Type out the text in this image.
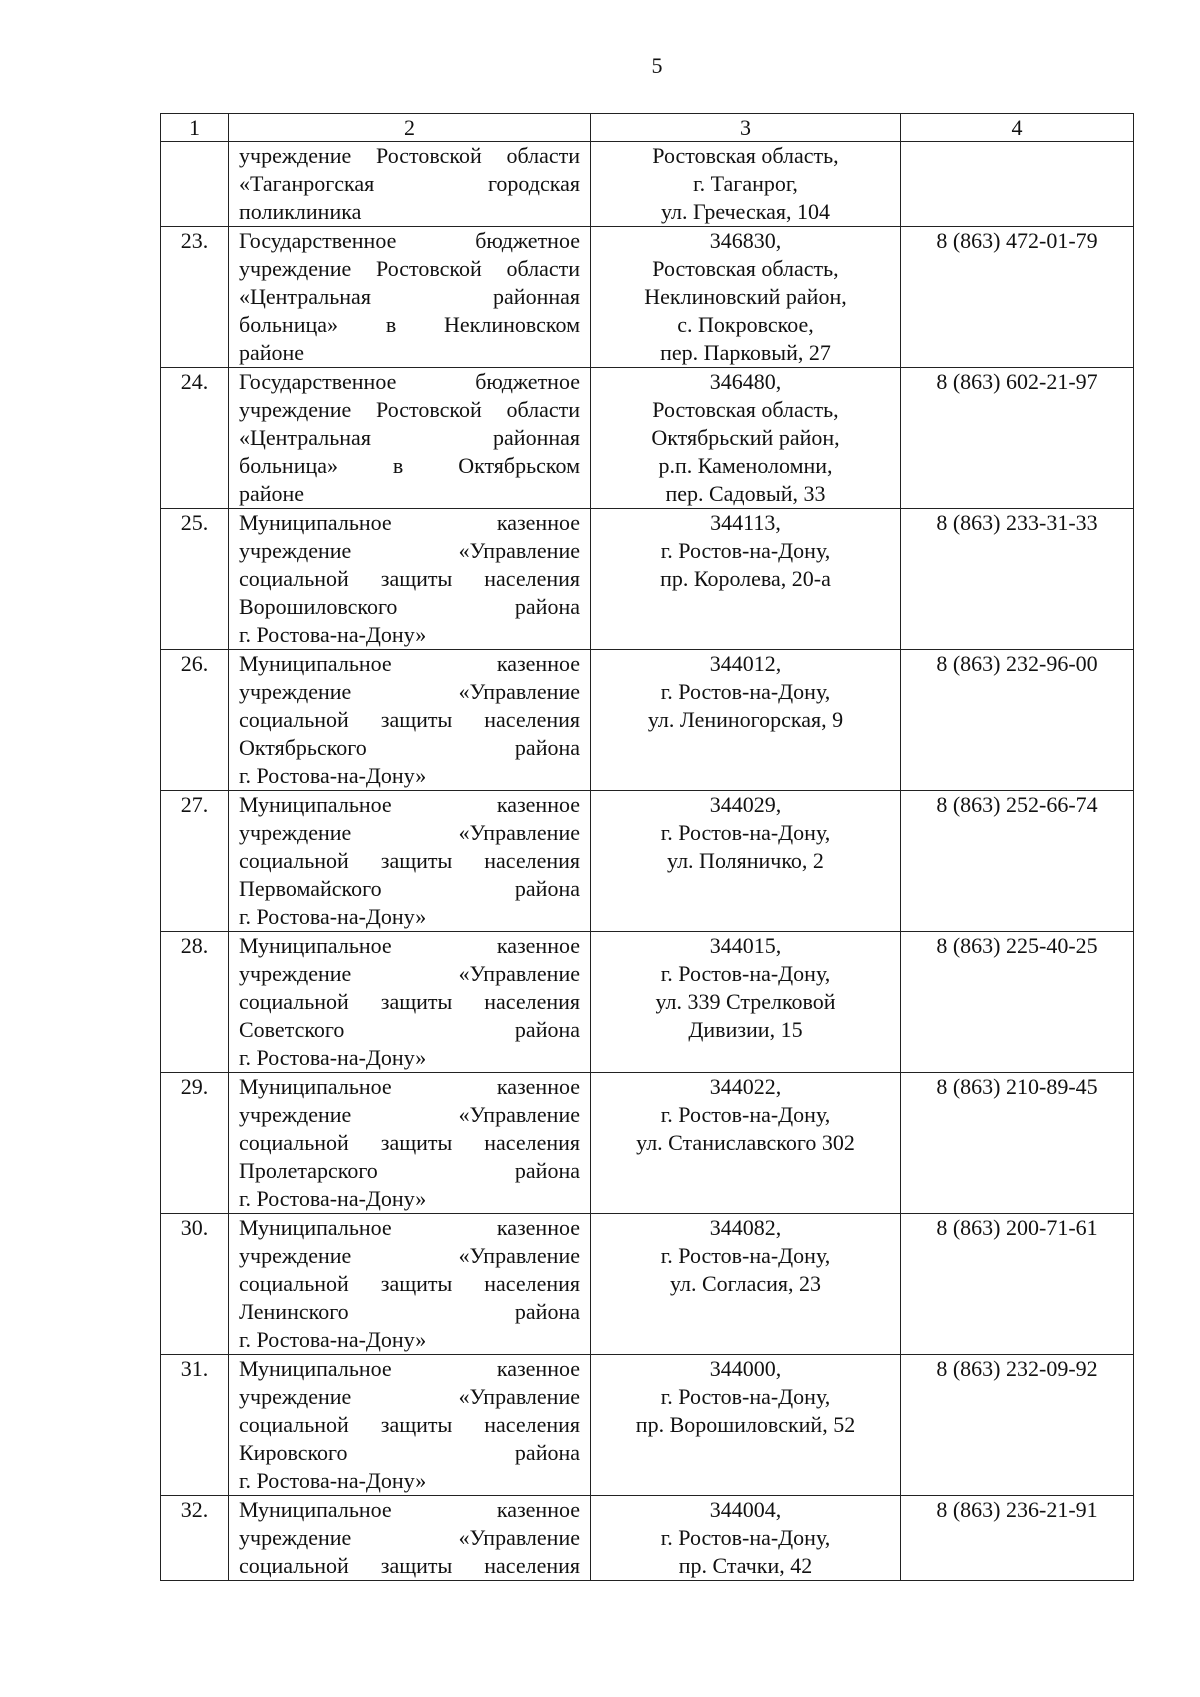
5
1	2	3	4

	учреждение Ростовской области
«Таганрогская городская
поликлиника	Ростовская область,
г. Таганрог,
ул. Греческая, 104	

23.	Государственное бюджетное
учреждение Ростовской области
«Центральная районная
больница» в Неклиновском
районе	346830,
Ростовская область,
Неклиновский район,
с. Покровское,
пер. Парковый, 27	8 (863) 472-01-79
24.	Государственное бюджетное
учреждение Ростовской области
«Центральная районная
больница» в Октябрьском
районе	346480,
Ростовская область,
Октябрьский район,
р.п. Каменоломни,
пер. Садовый, 33	8 (863) 602-21-97
25.	Муниципальное казенное
учреждение «Управление
социальной защиты населения
Ворошиловского района
г. Ростова-на-Дону»	344113,
г. Ростов-на-Дону,
пр. Королева, 20-а	8 (863) 233-31-33
26.	Муниципальное казенное
учреждение «Управление
социальной защиты населения
Октябрьского района
г. Ростова-на-Дону»	344012,
г. Ростов-на-Дону,
ул. Лениногорская, 9	8 (863) 232-96-00
27.	Муниципальное казенное
учреждение «Управление
социальной защиты населения
Первомайского района
г. Ростова-на-Дону»	344029,
г. Ростов-на-Дону,
ул. Поляничко, 2	8 (863) 252-66-74
28.	Муниципальное казенное
учреждение «Управление
социальной защиты населения
Советского района
г. Ростова-на-Дону»	344015,
г. Ростов-на-Дону,
ул. 339 Стрелковой
Дивизии, 15	8 (863) 225-40-25
29.	Муниципальное казенное
учреждение «Управление
социальной защиты населения
Пролетарского района
г. Ростова-на-Дону»	344022,
г. Ростов-на-Дону,
ул. Станиславского 302	8 (863) 210-89-45
30.	Муниципальное казенное
учреждение «Управление
социальной защиты населения
Ленинского района
г. Ростова-на-Дону»	344082,
г. Ростов-на-Дону,
ул. Согласия, 23	8 (863) 200-71-61
31.	Муниципальное казенное
учреждение «Управление
социальной защиты населения
Кировского района
г. Ростова-на-Дону»	344000,
г. Ростов-на-Дону,
пр. Ворошиловский, 52	8 (863) 232-09-92
32.	Муниципальное казенное
учреждение «Управление
социальной защиты населения	344004,
г. Ростов-на-Дону,
пр. Стачки, 42	8 (863) 236-21-91
